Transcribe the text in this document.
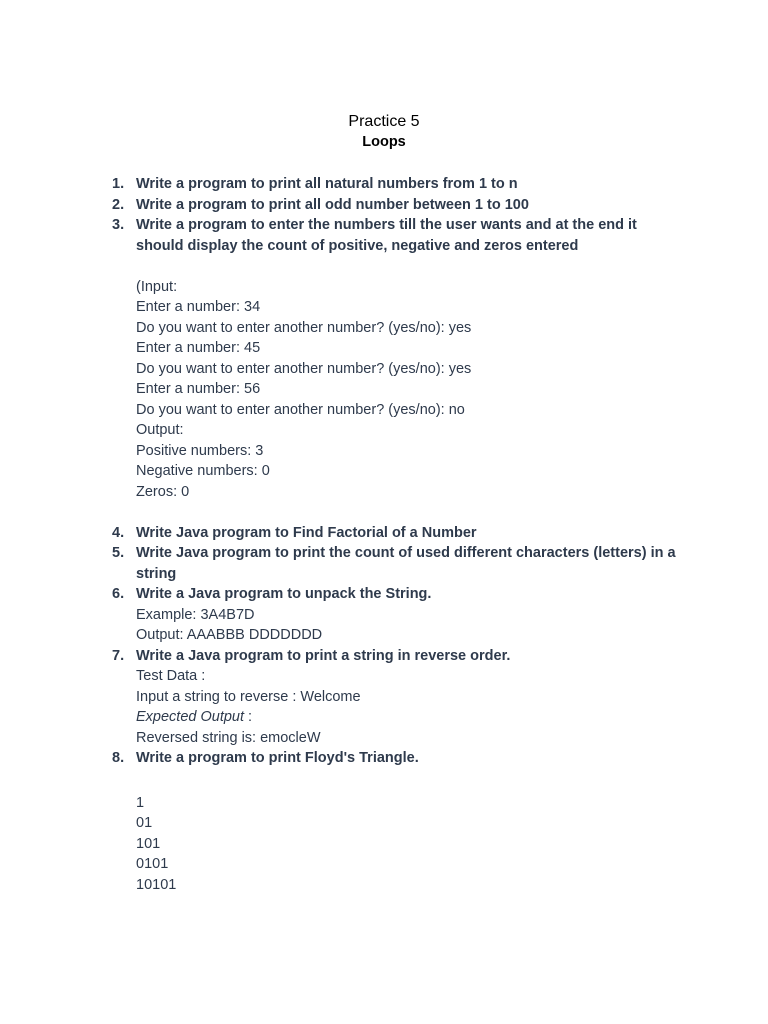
Practice 5
Loops
1. Write a program to print all natural numbers from 1 to n
2. Write a program to print all odd number between 1 to 100
3. Write a program to enter the numbers till the user wants and at the end it should display the count of positive, negative and zeros entered
(Input:
Enter a number: 34
Do you want to enter another number? (yes/no): yes
Enter a number: 45
Do you want to enter another number? (yes/no): yes
Enter a number: 56
Do you want to enter another number? (yes/no): no
Output:
Positive numbers: 3
Negative numbers: 0
Zeros: 0
4. Write Java program to Find Factorial of a Number
5. Write Java program to print the count of used different characters (letters) in a string
6. Write a Java program to unpack the String.
Example: 3A4B7D
Output: AAABBB DDDDDDD
7. Write a Java program to print a string in reverse order.
Test Data :
Input a string to reverse : Welcome
Expected Output :
Reversed string is: emocleW
8. Write a program to print Floyd's Triangle.
1
01
101
0101
10101
